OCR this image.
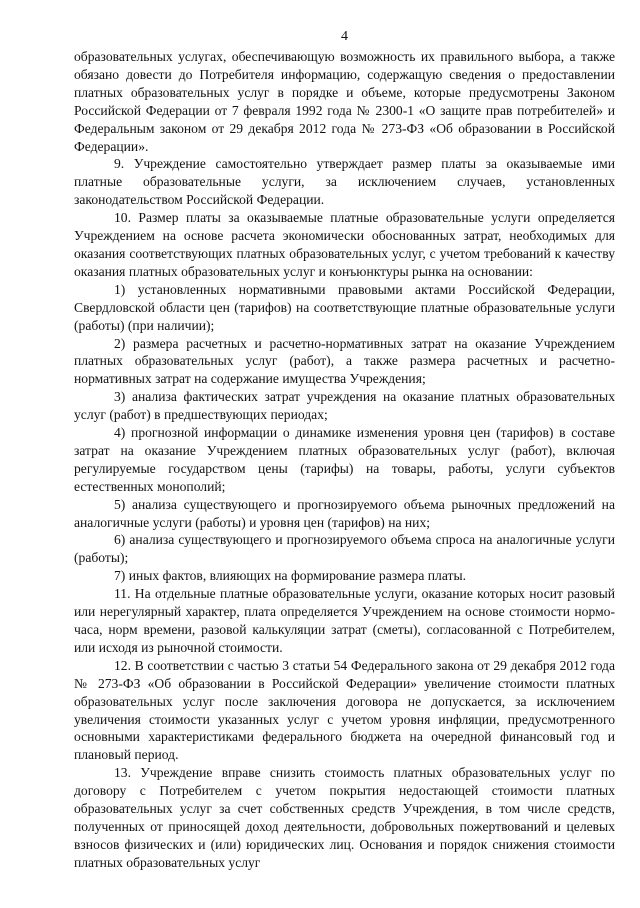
4

образовательных услугах, обеспечивающую возможность их правильного выбора, а также обязано довести до Потребителя информацию, содержащую сведения о предоставлении платных образовательных услуг в порядке и объеме, которые предусмотрены Законом Российской Федерации от 7 февраля 1992 года № 2300-1 «О защите прав потребителей» и Федеральным законом от 29 декабря 2012 года № 273-ФЗ «Об образовании в Российской Федерации».

9. Учреждение самостоятельно утверждает размер платы за оказываемые ими платные образовательные услуги, за исключением случаев, установленных законодательством Российской Федерации.

10. Размер платы за оказываемые платные образовательные услуги определяется Учреждением на основе расчета экономически обоснованных затрат, необходимых для оказания соответствующих платных образовательных услуг, с учетом требований к качеству оказания платных образовательных услуг и конъюнктуры рынка на основании:

1) установленных нормативными правовыми актами Российской Федерации, Свердловской области цен (тарифов) на соответствующие платные образовательные услуги (работы) (при наличии);

2) размера расчетных и расчетно-нормативных затрат на оказание Учреждением платных образовательных услуг (работ), а также размера расчетных и расчетно-нормативных затрат на содержание имущества Учреждения;

3) анализа фактических затрат учреждения на оказание платных образовательных услуг (работ) в предшествующих периодах;

4) прогнозной информации о динамике изменения уровня цен (тарифов) в составе затрат на оказание Учреждением платных образовательных услуг (работ), включая регулируемые государством цены (тарифы) на товары, работы, услуги субъектов естественных монополий;

5) анализа существующего и прогнозируемого объема рыночных предложений на аналогичные услуги (работы) и уровня цен (тарифов) на них;

6) анализа существующего и прогнозируемого объема спроса на аналогичные услуги (работы);

7) иных фактов, влияющих на формирование размера платы.

11. На отдельные платные образовательные услуги, оказание которых носит разовый или нерегулярный характер, плата определяется Учреждением на основе стоимости нормо-часа, норм времени, разовой калькуляции затрат (сметы), согласованной с Потребителем, или исходя из рыночной стоимости.

12. В соответствии с частью 3 статьи 54 Федерального закона от 29 декабря 2012 года № 273-ФЗ «Об образовании в Российской Федерации» увеличение стоимости платных образовательных услуг после заключения договора не допускается, за исключением увеличения стоимости указанных услуг с учетом уровня инфляции, предусмотренного основными характеристиками федерального бюджета на очередной финансовый год и плановый период.

13. Учреждение вправе снизить стоимость платных образовательных услуг по договору с Потребителем с учетом покрытия недостающей стоимости платных образовательных услуг за счет собственных средств Учреждения, в том числе средств, полученных от приносящей доход деятельности, добровольных пожертвований и целевых взносов физических и (или) юридических лиц. Основания и порядок снижения стоимости платных образовательных услуг
